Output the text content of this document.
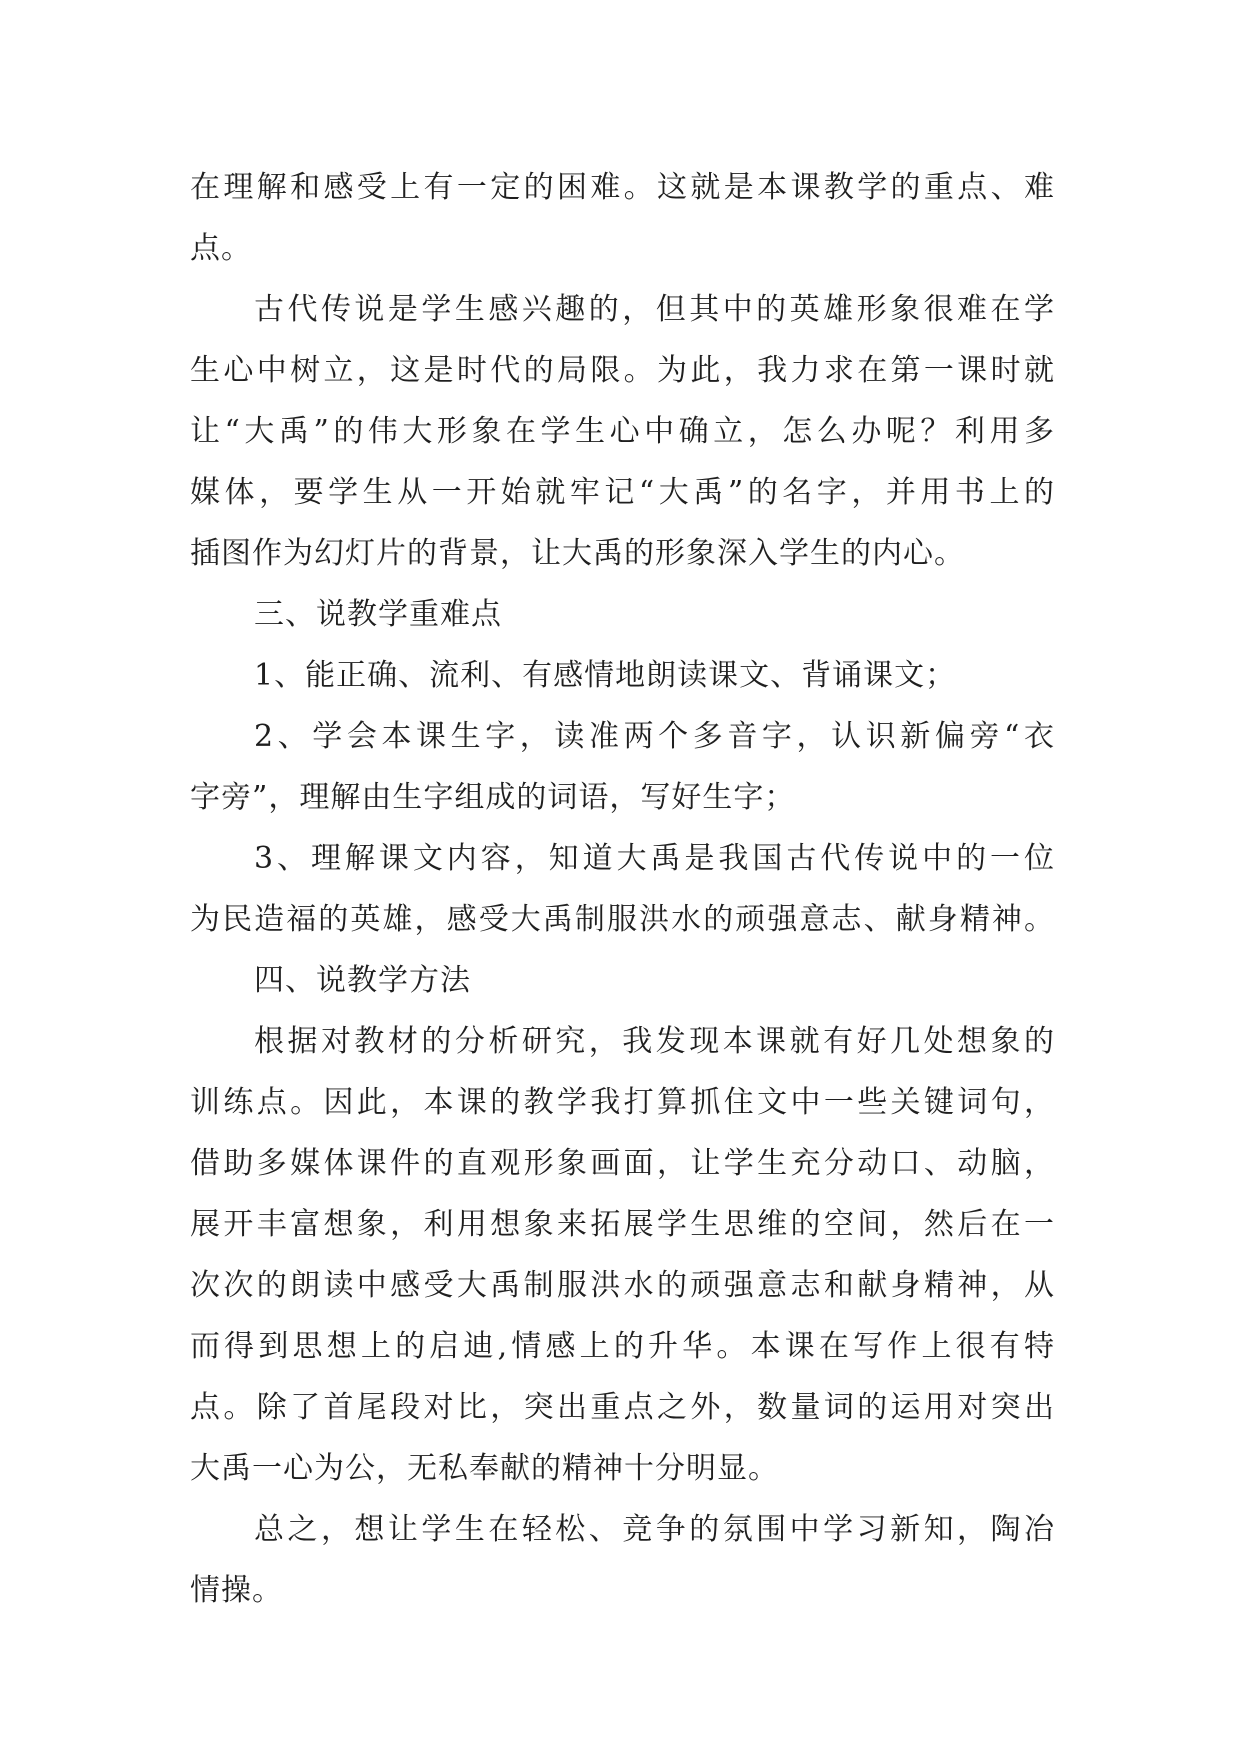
在理解和感受上有一定的困难。这就是本课教学的重点、难
点。
古代传说是学生感兴趣的，但其中的英雄形象很难在学
生心中树立，这是时代的局限。为此，我力求在第一课时就
让“大禹”的伟大形象在学生心中确立，怎么办呢？利用多
媒体，要学生从一开始就牢记“大禹”的名字，并用书上的
插图作为幻灯片的背景，让大禹的形象深入学生的内心。
三、说教学重难点
1、能正确、流利、有感情地朗读课文、背诵课文；
2、学会本课生字，读准两个多音字，认识新偏旁“衣
字旁”，理解由生字组成的词语，写好生字；
3、理解课文内容，知道大禹是我国古代传说中的一位
为民造福的英雄，感受大禹制服洪水的顽强意志、献身精神。
四、说教学方法
根据对教材的分析研究，我发现本课就有好几处想象的
训练点。因此，本课的教学我打算抓住文中一些关键词句，
借助多媒体课件的直观形象画面，让学生充分动口、动脑，
展开丰富想象，利用想象来拓展学生思维的空间，然后在一
次次的朗读中感受大禹制服洪水的顽强意志和献身精神，从
而得到思想上的启迪,情感上的升华。本课在写作上很有特
点。除了首尾段对比，突出重点之外，数量词的运用对突出
大禹一心为公，无私奉献的精神十分明显。
总之，想让学生在轻松、竞争的氛围中学习新知，陶冶
情操。
